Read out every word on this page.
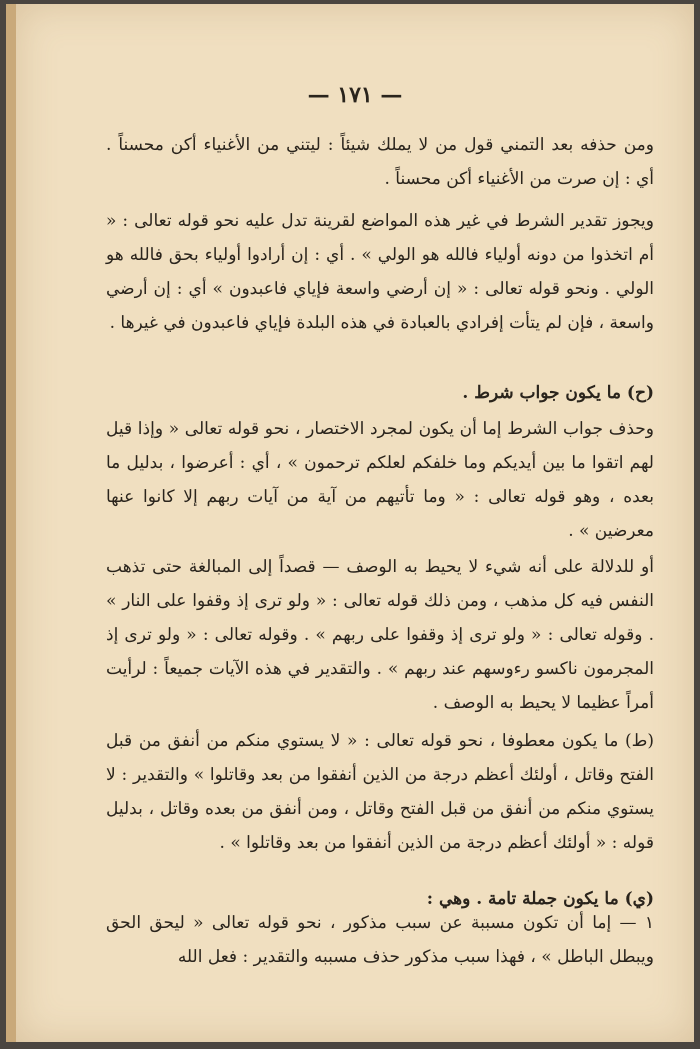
— ١٧١ —

ومن حذفه بعد التمني قول من لا يملك شيئاً : ليتني من الأغنياء أكن محسناً . أي : إن صرت من الأغنياء أكن محسناً .

ويجوز تقدير الشرط في غير هذه المواضع لقرينة تدل عليه نحو قوله تعالى : « أم اتخذوا من دونه أولياء فالله هو الولي » . أي : إن أرادوا أولياء بحق فالله هو الولي . ونحو قوله تعالى : « إن أرضي واسعة فإياي فاعبدون » أي : إن أرضي واسعة ، فإن لم يتأت إفرادي بالعبادة في هذه البلدة فإياي فاعبدون في غيرها .

(ح) ما يكون جواب شرط .

وحذف جواب الشرط إما أن يكون لمجرد الاختصار ، نحو قوله تعالى « وإذا قيل لهم اتقوا ما بين أيديكم وما خلفكم لعلكم ترحمون » ، أي : أعرضوا ، بدليل ما بعده ، وهو قوله تعالى : « وما تأتيهم من آية من آيات ربهم إلا كانوا عنها معرضين » .

أو للدلالة على أنه شيء لا يحيط به الوصف — قصداً إلى المبالغة حتى تذهب النفس فيه كل مذهب ، ومن ذلك قوله تعالى : « ولو ترى إذ وقفوا على النار » . وقوله تعالى : « ولو ترى إذ وقفوا على ربهم » . وقوله تعالى : « ولو ترى إذ المجرمون ناكسو رءوسهم عند ربهم » . والتقدير في هذه الآيات جميعاً : لرأيت أمراً عظيما لا يحيط به الوصف .

(ط) ما يكون معطوفا ، نحو قوله تعالى : « لا يستوي منكم من أنفق من قبل الفتح وقاتل ، أولئك أعظم درجة من الذين أنفقوا من بعد وقاتلوا » والتقدير : لا يستوي منكم من أنفق من قبل الفتح وقاتل ، ومن أنفق من بعده وقاتل ، بدليل قوله : « أولئك أعظم درجة من الذين أنفقوا من بعد وقاتلوا » .

(ي) ما يكون جملة تامة . وهي :

١ — إما أن تكون مسببة عن سبب مذكور ، نحو قوله تعالى « ليحق الحق ويبطل الباطل » ، فهذا سبب مذكور حذف مسببه والتقدير : فعل الله
